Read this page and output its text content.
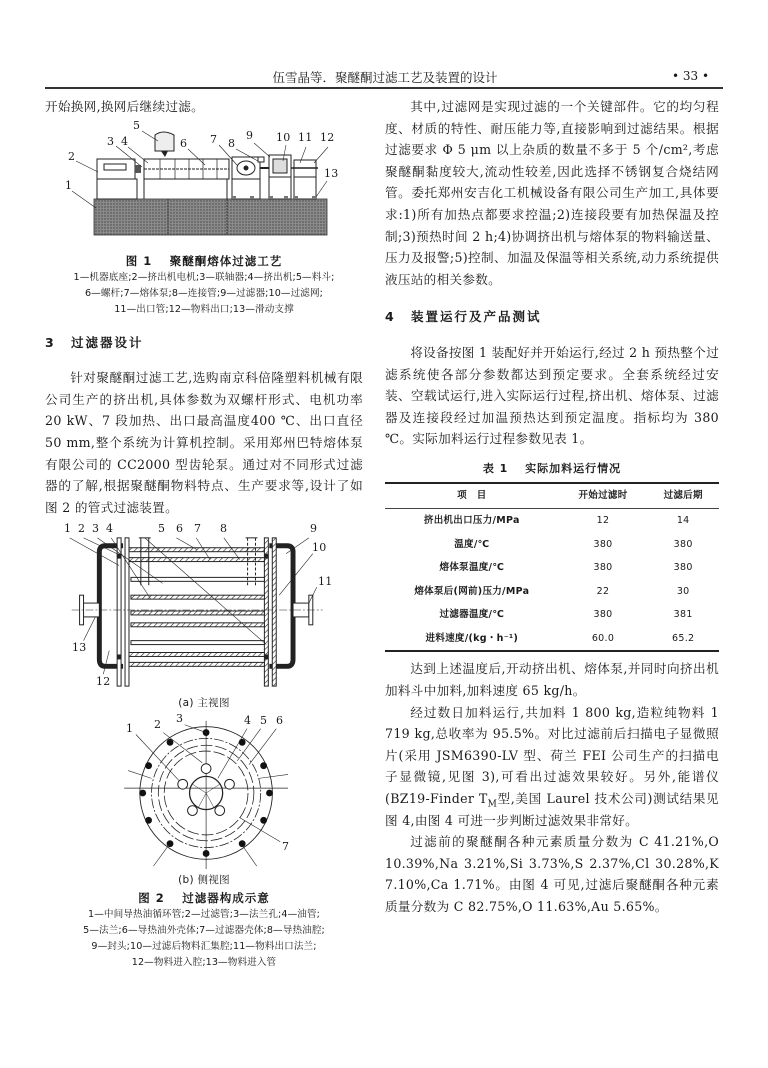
伍雪晶等．聚醚酮过滤工艺及装置的设计	• 33 •

开始换网,换网后继续过滤。

1
2
3 4
5
6 7 8
9 10 11 12
13
图 1　 聚醚酮熔体过滤工艺
1—机器底座;2—挤出机电机;3—联轴器;4—挤出机;5—料斗;
6—螺杆;7—熔体泵;8—连接管;9—过滤器;10—过滤网;
11—出口管;12—物料出口;13—滑动支撑
3 过滤器设计

针对聚醚酮过滤工艺,选购南京科倍隆塑料机械有限公司生产的挤出机,具体参数为双螺杆形式、电机功率 20 kW、7 段加热、出口最高温度400 ℃、出口直径 50 mm,整个系统为计算机控制。采用郑州巴特熔体泵有限公司的 CC2000 型齿轮泵。通过对不同形式过滤器的了解,根据聚醚酮物料特点、生产要求等,设计了如图 2 的管式过滤装置。

1 2 3 4	5 6 7 8	9
10
11
12
13
(a) 主视图
1 2 3	4 5 6
7
(b) 侧视图
图 2　 过滤器构成示意
1—中间导热油循环管;2—过滤管;3—法兰孔;4—油管;
5—法兰;6—导热油外壳体;7—过滤器壳体;8—导热油腔;
9—封头;10—过滤后物料汇集腔;11—物料出口法兰;
12—物料进入腔;13—物料进入管

其中,过滤网是实现过滤的一个关键部件。它的均匀程度、材质的特性、耐压能力等,直接影响到过滤结果。根据过滤要求 Φ 5 μm 以上杂质的数量不多于 5 个/cm²,考虑聚醚酮黏度较大,流动性较差,因此选择不锈钢复合烧结网管。委托郑州安吉化工机械设备有限公司生产加工,具体要求:1)所有加热点都要求控温;2)连接段要有加热保温及控制;3)预热时间 2 h;4)协调挤出机与熔体泵的物料输送量、压力及报警;5)控制、加温及保温等相关系统,动力系统提供液压站的相关参数。

4 装置运行及产品测试

将设备按图 1 装配好并开始运行,经过 2 h 预热整个过滤系统使各部分参数都达到预定要求。全套系统经过安装、空载试运行,进入实际运行过程,挤出机、熔体泵、过滤器及连接段经过加温预热达到预定温度。指标均为 380 ℃。实际加料运行过程参数见表 1。

表 1　 实际加料运行情况
项　目	开始过滤时	过滤后期
挤出机出口压力/MPa	12	14
温度/℃	380	380
熔体泵温度/℃	380	380
熔体泵后(网前)压力/MPa	22	30
过滤器温度/℃	380	381
进料速度/(kg・h⁻¹)	60.0	65.2

达到上述温度后,开动挤出机、熔体泵,并同时向挤出机加料斗中加料,加料速度 65 kg/h。

经过数日加料运行,共加料 1 800 kg,造粒纯物料 1 719 kg,总收率为 95.5%。对比过滤前后扫描电子显微照片(采用 JSM6390-LV 型、荷兰 FEI 公司生产的扫描电子显微镜,见图 3),可看出过滤效果较好。另外,能谱仪(BZ19-Finder $T_M$型,美国 Laurel 技术公司)测试结果见图 4,由图 4 可进一步判断过滤效果非常好。

过滤前的聚醚酮各种元素质量分数为 C 41.21%,O 10.39%,Na 3.21%,Si 3.73%,S 2.37%,Cl 30.28%,K 7.10%,Ca 1.71%。由图 4 可见,过滤后聚醚酮各种元素质量分数为 C 82.75%,O 11.63%,Au 5.65%。
